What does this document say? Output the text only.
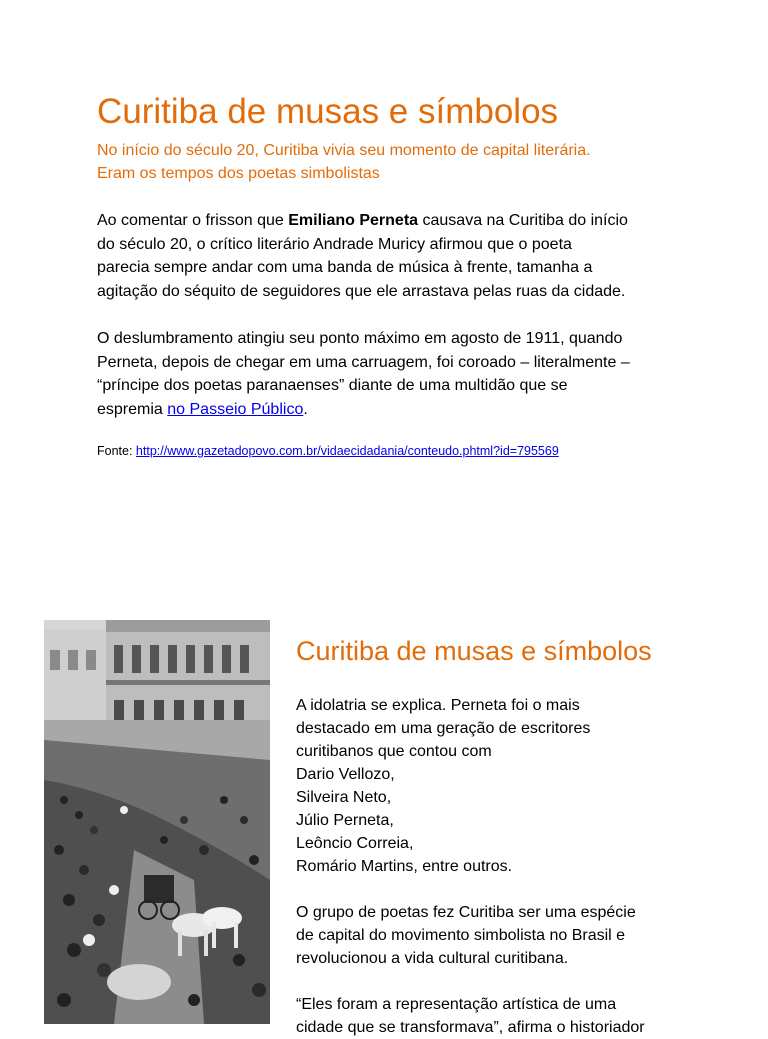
Curitiba de musas e símbolos
No início do século 20, Curitiba vivia seu momento de capital literária.
Eram os tempos dos poetas simbolistas
Ao comentar o frisson que Emiliano Perneta causava na Curitiba do início
do século 20, o crítico literário Andrade Muricy afirmou que o poeta
parecia sempre andar com uma banda de música à frente, tamanha a
agitação do séquito de seguidores que ele arrastava pelas ruas da cidade.
O deslumbramento atingiu seu ponto máximo em agosto de 1911, quando
Perneta, depois de chegar em uma carruagem, foi coroado – literalmente –
“príncipe dos poetas paranaenses” diante de uma multidão que se
espremia no Passeio Público.
Fonte: http://www.gazetadopovo.com.br/vidaecidadania/conteudo.phtml?id=795569
Curitiba de musas e símbolos
A idolatria se explica. Perneta foi o mais
destacado em uma geração de escritores
curitibanos que contou com
Dario Vellozo,
Silveira Neto,
Júlio Perneta,
Leôncio Correia,
Romário Martins, entre outros.
O grupo de poetas fez Curitiba ser uma espécie
de capital do movimento simbolista no Brasil e
revolucionou a vida cultural curitibana.
“Eles foram a representação artística de uma
cidade que se transformava”, afirma o historiador
